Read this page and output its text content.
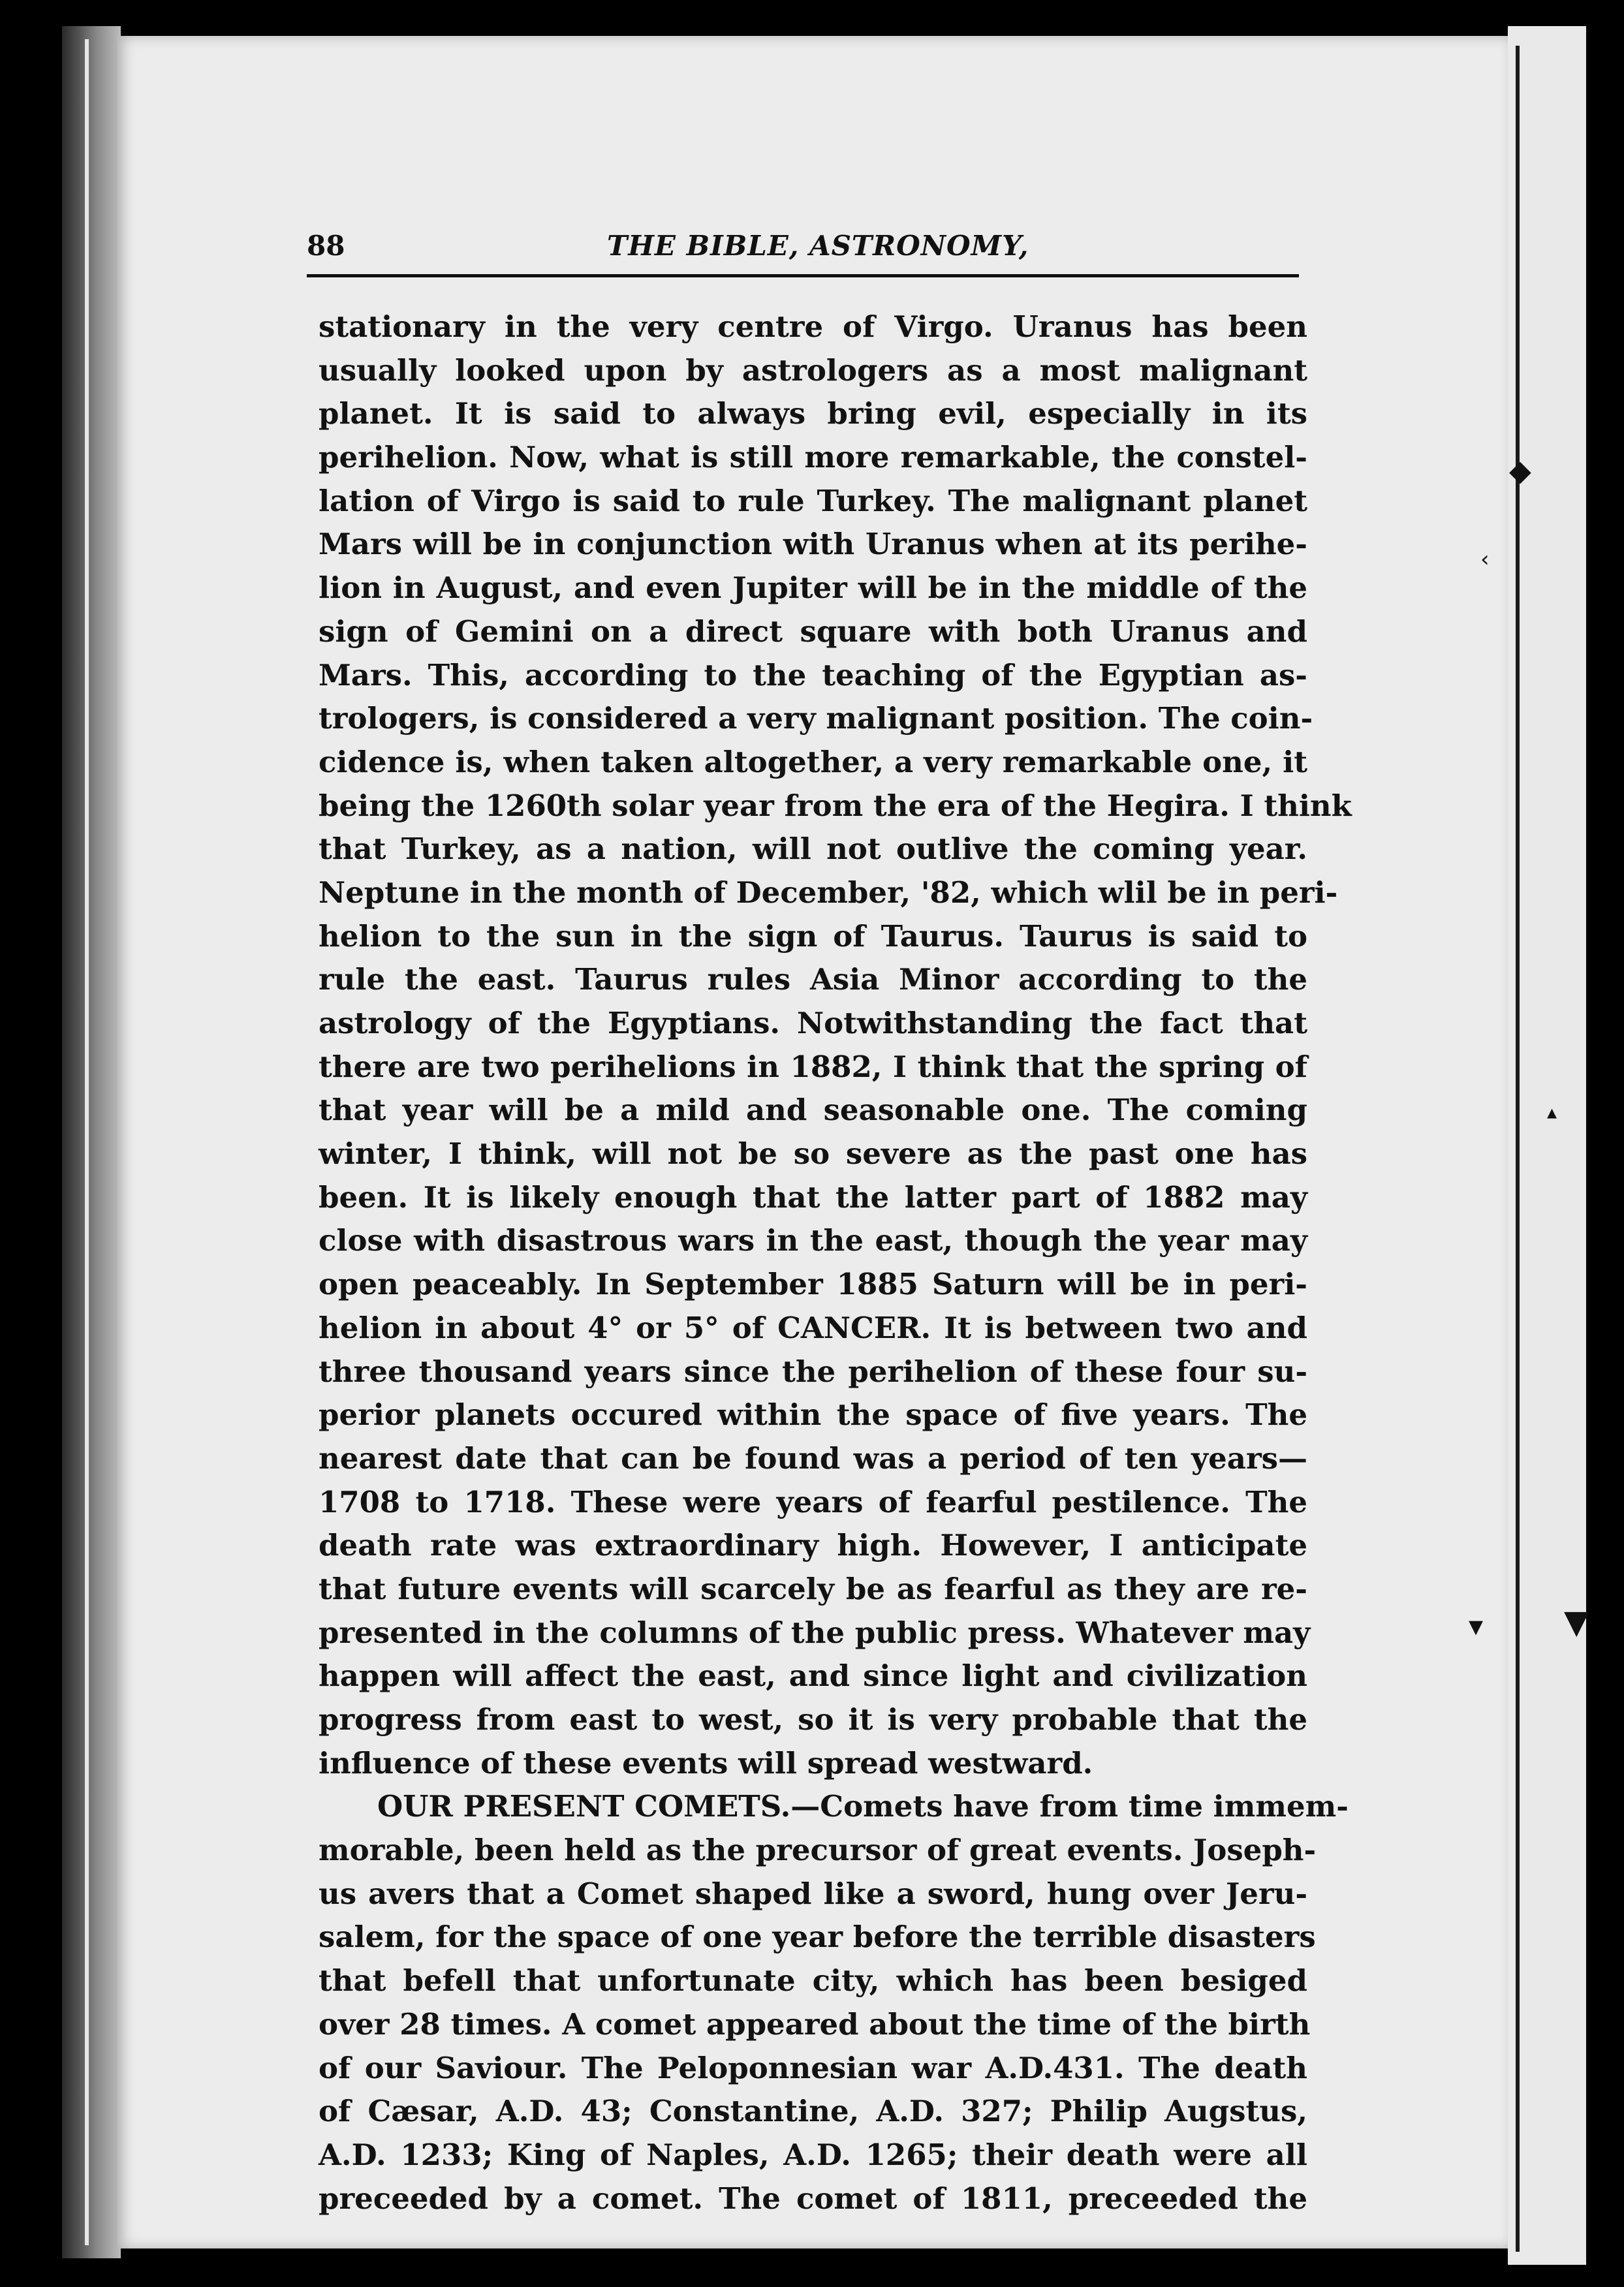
◆
‹
▴
▾ ▼
88	THE BIBLE, ASTRONOMY,
stationary in the very centre of Virgo. Uranus has been
usually looked upon by astrologers as a most malignant
planet. It is said to always bring evil, especially in its
perihelion. Now, what is still more remarkable, the constel-
lation of Virgo is said to rule Turkey. The malignant planet
Mars will be in conjunction with Uranus when at its perihe-
lion in August, and even Jupiter will be in the middle of the
sign of Gemini on a direct square with both Uranus and
Mars. This, according to the teaching of the Egyptian as-
trologers, is considered a very malignant position. The coin-
cidence is, when taken altogether, a very remarkable one, it
being the 1260th solar year from the era of the Hegira. I think
that Turkey, as a nation, will not outlive the coming year.
Neptune in the month of December, '82, which wlil be in peri-
helion to the sun in the sign of Taurus. Taurus is said to
rule the east. Taurus rules Asia Minor according to the
astrology of the Egyptians. Notwithstanding the fact that
there are two perihelions in 1882, I think that the spring of
that year will be a mild and seasonable one. The coming
winter, I think, will not be so severe as the past one has
been. It is likely enough that the latter part of 1882 may
close with disastrous wars in the east, though the year may
open peaceably. In September 1885 Saturn will be in peri-
helion in about 4° or 5° of CANCER. It is between two and
three thousand years since the perihelion of these four su-
perior planets occured within the space of five years. The
nearest date that can be found was a period of ten years—
1708 to 1718. These were years of fearful pestilence. The
death rate was extraordinary high. However, I anticipate
that future events will scarcely be as fearful as they are re-
presented in the columns of the public press. Whatever may
happen will affect the east, and since light and civilization
progress from east to west, so it is very probable that the
influence of these events will spread westward.
OUR PRESENT COMETS.—Comets have from time immem-
morable, been held as the precursor of great events. Joseph-
us avers that a Comet shaped like a sword, hung over Jeru-
salem, for the space of one year before the terrible disasters
that befell that unfortunate city, which has been besiged
over 28 times. A comet appeared about the time of the birth
of our Saviour. The Peloponnesian war A.D.431. The death
of Cæsar, A.D. 43; Constantine, A.D. 327; Philip Augstus,
A.D. 1233; King of Naples, A.D. 1265; their death were all
preceeded by a comet. The comet of 1811, preceeded the
